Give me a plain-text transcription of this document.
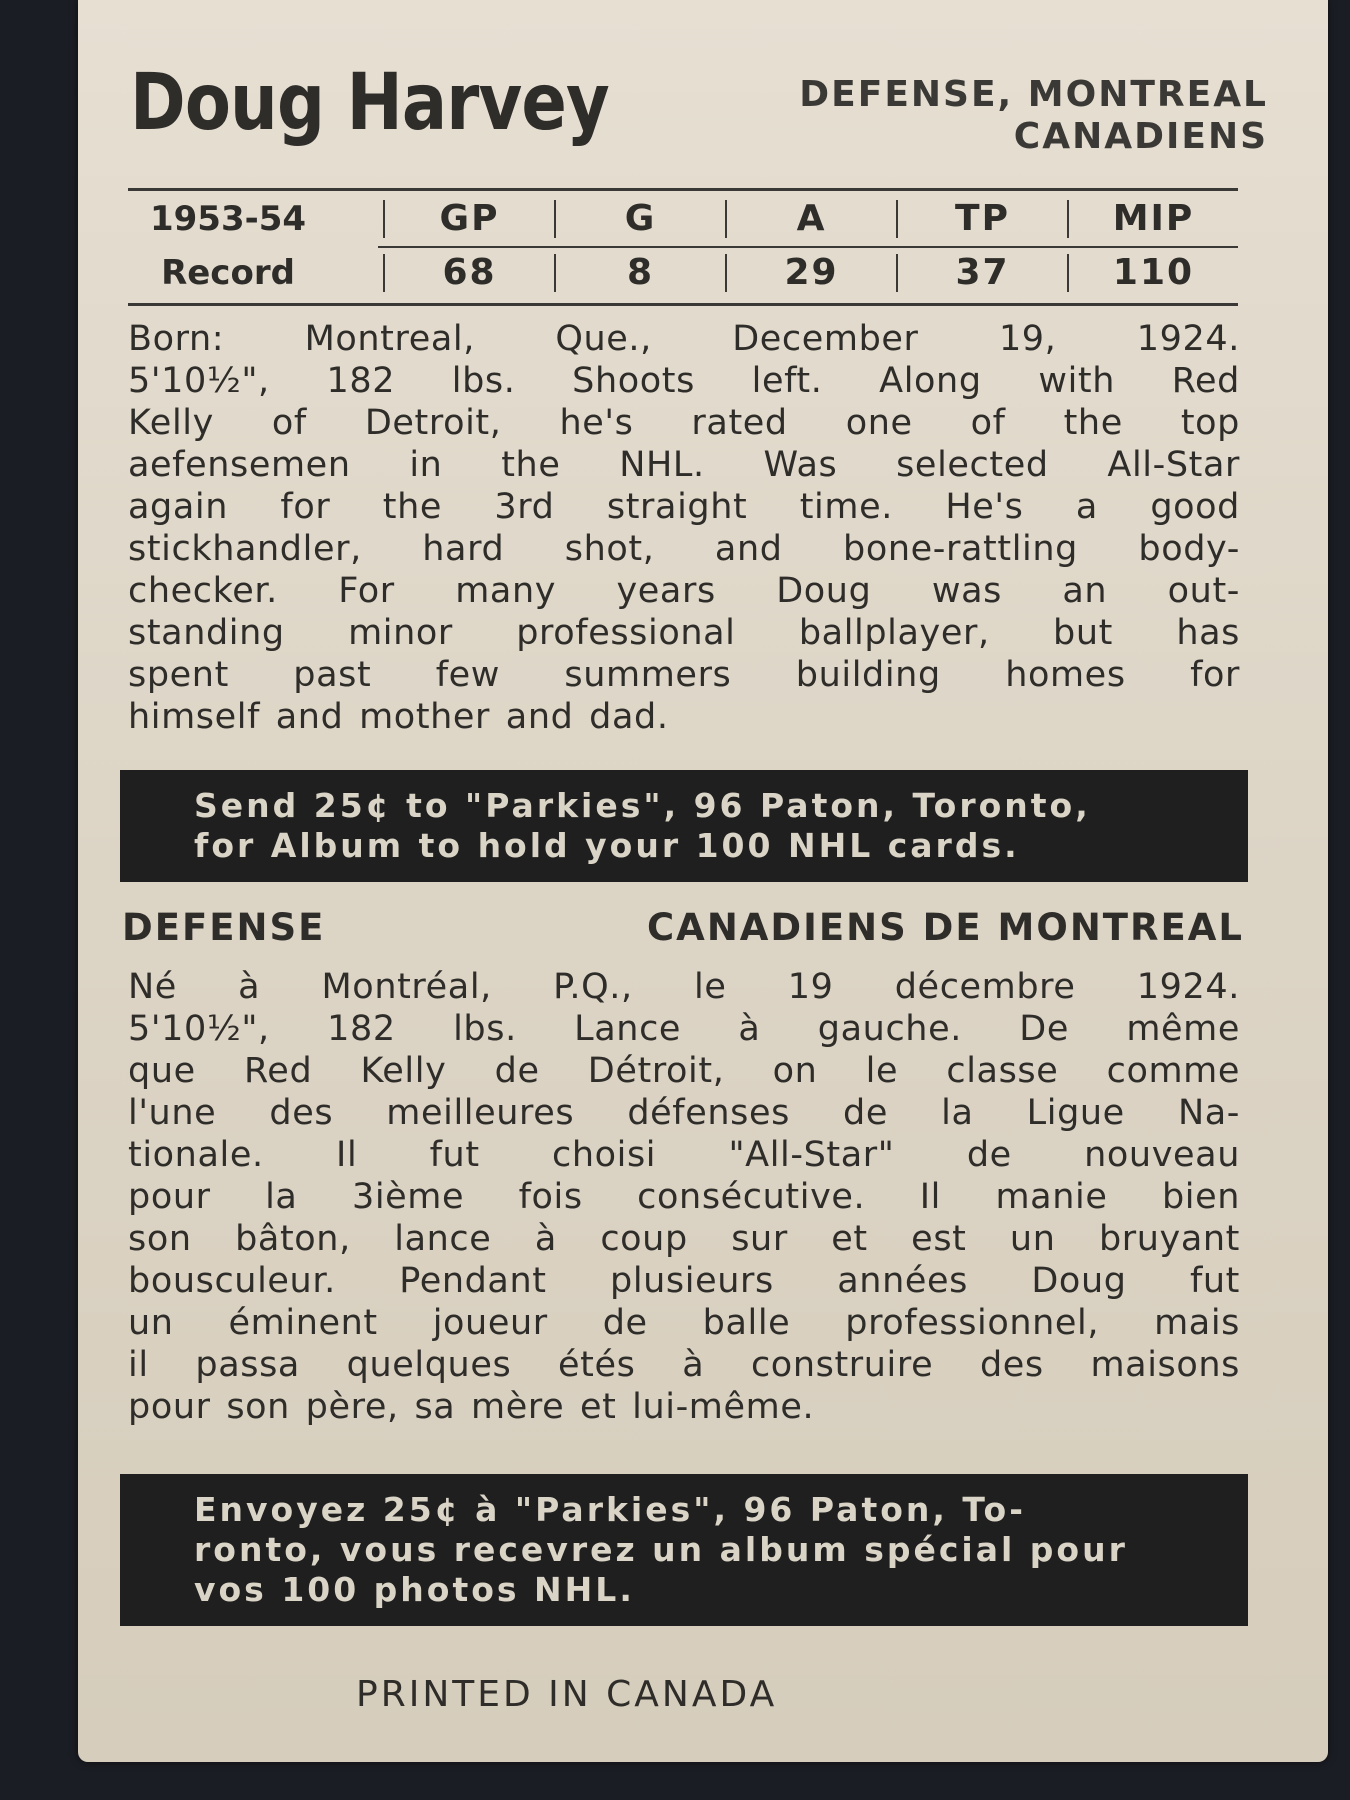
Doug Harvey	DEFENSE, MONTREAL
CANADIENS
1953-54	GP	G	A	TP	MIP
Record	68	8	29	37	110
Born: Montreal, Que., December 19, 1924.
5'10½", 182 lbs. Shoots left. Along with Red
Kelly of Detroit, he's rated one of the top
aefensemen in the NHL. Was selected All-Star
again for the 3rd straight time. He's a good
stickhandler, hard shot, and bone-rattling body-
checker. For many years Doug was an out-
standing minor professional ballplayer, but has
spent past few summers building homes for
himself and mother and dad.
Send 25¢ to "Parkies", 96 Paton, Toronto,
for Album to hold your 100 NHL cards.
DEFENSE	CANADIENS DE MONTREAL
Né à Montréal, P.Q., le 19 décembre 1924.
5'10½", 182 lbs. Lance à gauche. De même
que Red Kelly de Détroit, on le classe comme
l'une des meilleures défenses de la Ligue Na-
tionale. Il fut choisi "All-Star" de nouveau
pour la 3ième fois consécutive. Il manie bien
son bâton, lance à coup sur et est un bruyant
bousculeur. Pendant plusieurs années Doug fut
un éminent joueur de balle professionnel, mais
il passa quelques étés à construire des maisons
pour son père, sa mère et lui-même.
Envoyez 25¢ à "Parkies", 96 Paton, To-
ronto, vous recevrez un album spécial pour
vos 100 photos NHL.
PRINTED IN CANADA
